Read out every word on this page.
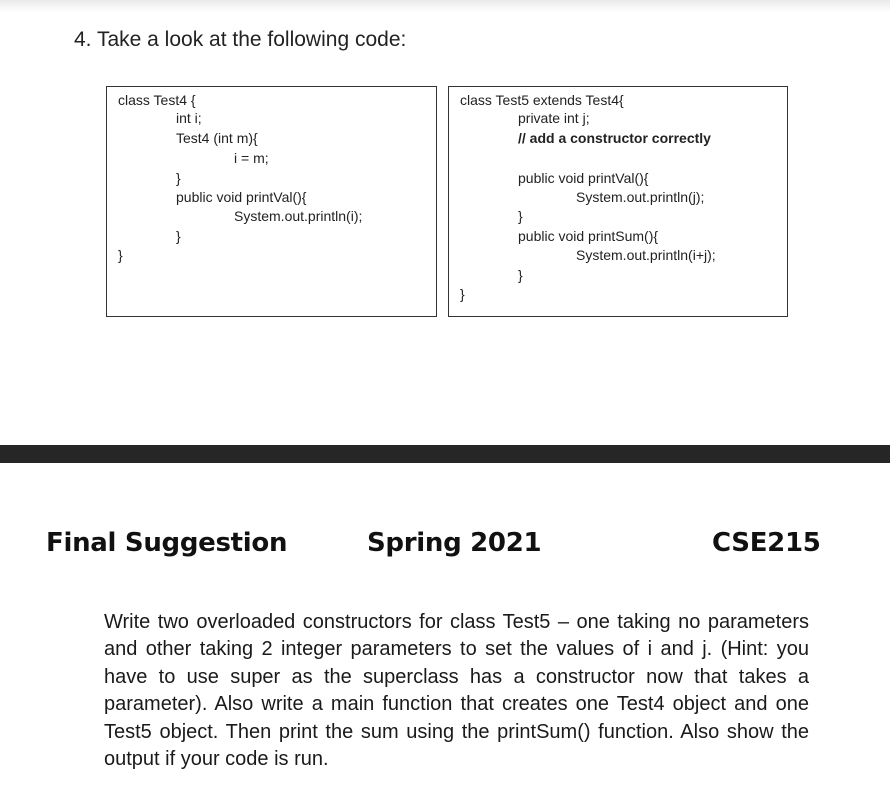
4. Take a look at the following code:
class Test4 {
int i;
Test4 (int m){
i = m;
}
public void printVal(){
System.out.println(i);
}
}
class Test5 extends Test4{
private int j;
// add a constructor correctly
public void printVal(){
System.out.println(j);
}
public void printSum(){
System.out.println(i+j);
}
}
Final Suggestion	Spring 2021	CSE215
Write two overloaded constructors for class Test5 – one taking no parameters and other taking 2 integer parameters to set the values of i and j. (Hint: you have to use super as the superclass has a constructor now that takes a parameter). Also write a main function that creates one Test4 object and one Test5 object. Then print the sum using the printSum() function. Also show the output if your code is run.
